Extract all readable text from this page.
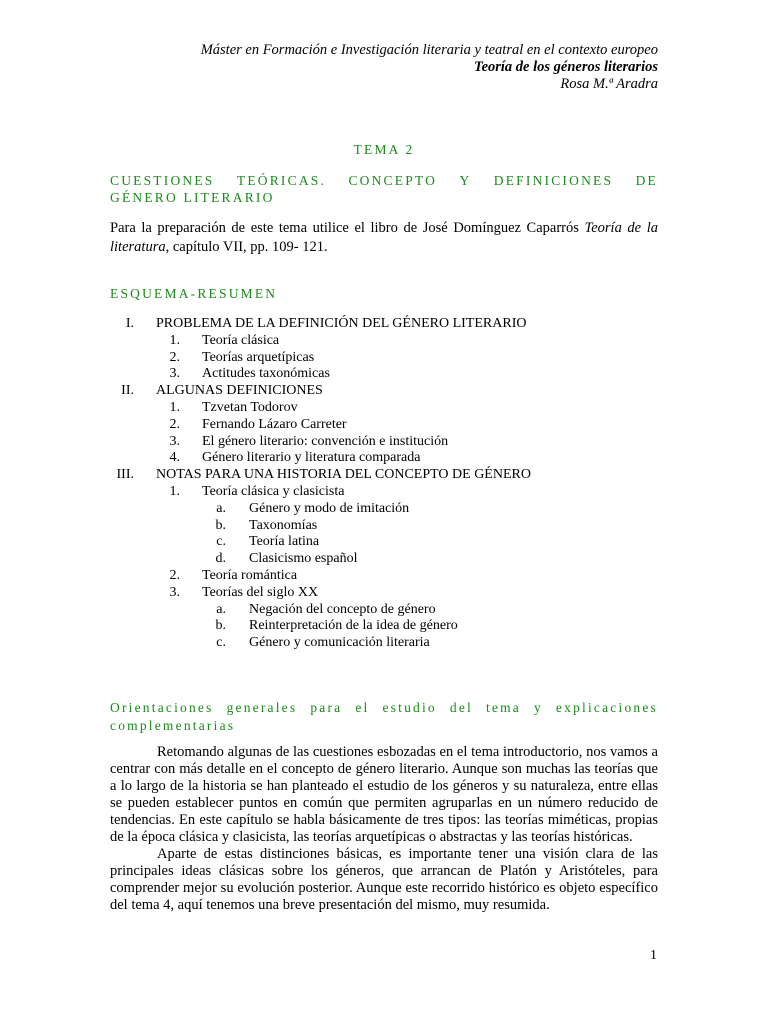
Máster en Formación e Investigación literaria y teatral en el contexto europeo
Teoría de los géneros literarios
Rosa M.ª Aradra
TEMA 2
CUESTIONES TEÓRICAS. CONCEPTO Y DEFINICIONES DE
GÉNERO LITERARIO
Para la preparación de este tema utilice el libro de José Domínguez Caparrós Teoría de la literatura, capítulo VII, pp. 109- 121.
ESQUEMA-RESUMEN
I. PROBLEMA DE LA DEFINICIÓN DEL GÉNERO LITERARIO
1. Teoría clásica
2. Teorías arquetípicas
3. Actitudes taxonómicas
II. ALGUNAS DEFINICIONES
1. Tzvetan Todorov
2. Fernando Lázaro Carreter
3. El género literario: convención e institución
4. Género literario y literatura comparada
III. NOTAS PARA UNA HISTORIA DEL CONCEPTO DE GÉNERO
1. Teoría clásica y clasicista
a. Género y modo de imitación
b. Taxonomías
c. Teoría latina
d. Clasicismo español
2. Teoría romántica
3. Teorías del siglo XX
a. Negación del concepto de género
b. Reinterpretación de la idea de género
c. Género y comunicación literaria
Orientaciones generales para el estudio del tema y explicaciones
complementarias

Retomando algunas de las cuestiones esbozadas en el tema introductorio, nos vamos a centrar con más detalle en el concepto de género literario. Aunque son muchas las teorías que a lo largo de la historia se han planteado el estudio de los géneros y su naturaleza, entre ellas se pueden establecer puntos en común que permiten agruparlas en un número reducido de tendencias. En este capítulo se habla básicamente de tres tipos: las teorías miméticas, propias de la época clásica y clasicista, las teorías arquetípicas o abstractas y las teorías históricas.

Aparte de estas distinciones básicas, es importante tener una visión clara de las principales ideas clásicas sobre los géneros, que arrancan de Platón y Aristóteles, para comprender mejor su evolución posterior. Aunque este recorrido histórico es objeto específico del tema 4, aquí tenemos una breve presentación del mismo, muy resumida.

1
